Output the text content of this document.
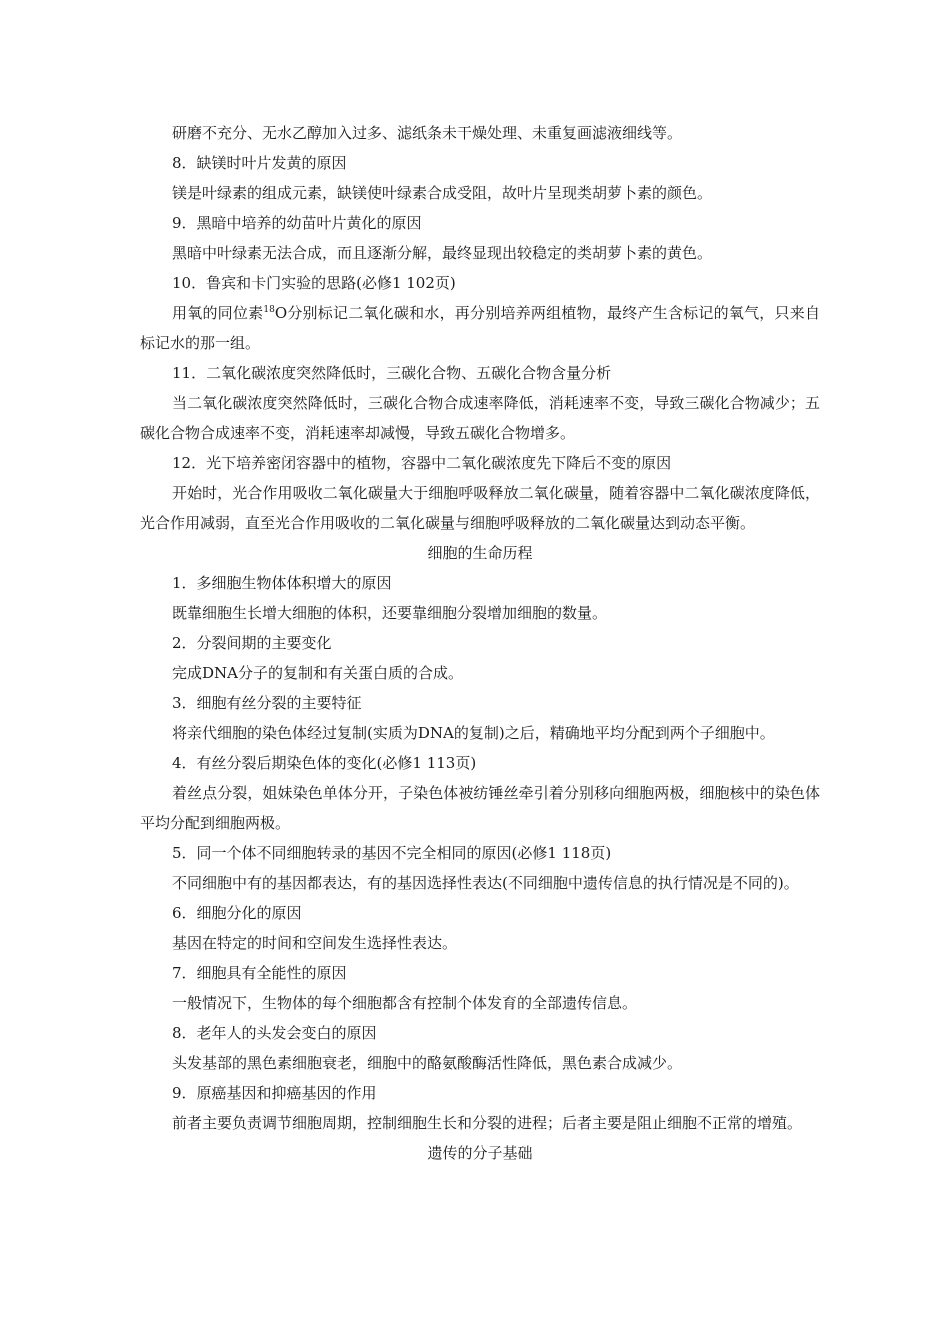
研磨不充分、无水乙醇加入过多、滤纸条未干燥处理、未重复画滤液细线等。

8．缺镁时叶片发黄的原因

镁是叶绿素的组成元素，缺镁使叶绿素合成受阻，故叶片呈现类胡萝卜素的颜色。

9．黑暗中培养的幼苗叶片黄化的原因

黑暗中叶绿素无法合成，而且逐渐分解，最终显现出较稳定的类胡萝卜素的黄色。

10．鲁宾和卡门实验的思路(必修1 102页)

用氧的同位素$^{18}$O分别标记二氧化碳和水，再分别培养两组植物，最终产生含标记的氧气，只来自标记水的那一组。

11．二氧化碳浓度突然降低时，三碳化合物、五碳化合物含量分析

当二氧化碳浓度突然降低时，三碳化合物合成速率降低，消耗速率不变，导致三碳化合物减少；五碳化合物合成速率不变，消耗速率却减慢，导致五碳化合物增多。

12．光下培养密闭容器中的植物，容器中二氧化碳浓度先下降后不变的原因

开始时，光合作用吸收二氧化碳量大于细胞呼吸释放二氧化碳量，随着容器中二氧化碳浓度降低，光合作用减弱，直至光合作用吸收的二氧化碳量与细胞呼吸释放的二氧化碳量达到动态平衡。

细胞的生命历程

1．多细胞生物体体积增大的原因

既靠细胞生长增大细胞的体积，还要靠细胞分裂增加细胞的数量。

2．分裂间期的主要变化

完成DNA分子的复制和有关蛋白质的合成。

3．细胞有丝分裂的主要特征

将亲代细胞的染色体经过复制(实质为DNA的复制)之后，精确地平均分配到两个子细胞中。

4．有丝分裂后期染色体的变化(必修1 113页)

着丝点分裂，姐妹染色单体分开，子染色体被纺锤丝牵引着分别移向细胞两极，细胞核中的染色体平均分配到细胞两极。

5．同一个体不同细胞转录的基因不完全相同的原因(必修1 118页)

不同细胞中有的基因都表达，有的基因选择性表达(不同细胞中遗传信息的执行情况是不同的)。

6．细胞分化的原因

基因在特定的时间和空间发生选择性表达。

7．细胞具有全能性的原因

一般情况下，生物体的每个细胞都含有控制个体发育的全部遗传信息。

8．老年人的头发会变白的原因

头发基部的黑色素细胞衰老，细胞中的酪氨酸酶活性降低，黑色素合成减少。

9．原癌基因和抑癌基因的作用

前者主要负责调节细胞周期，控制细胞生长和分裂的进程；后者主要是阻止细胞不正常的增殖。

遗传的分子基础
